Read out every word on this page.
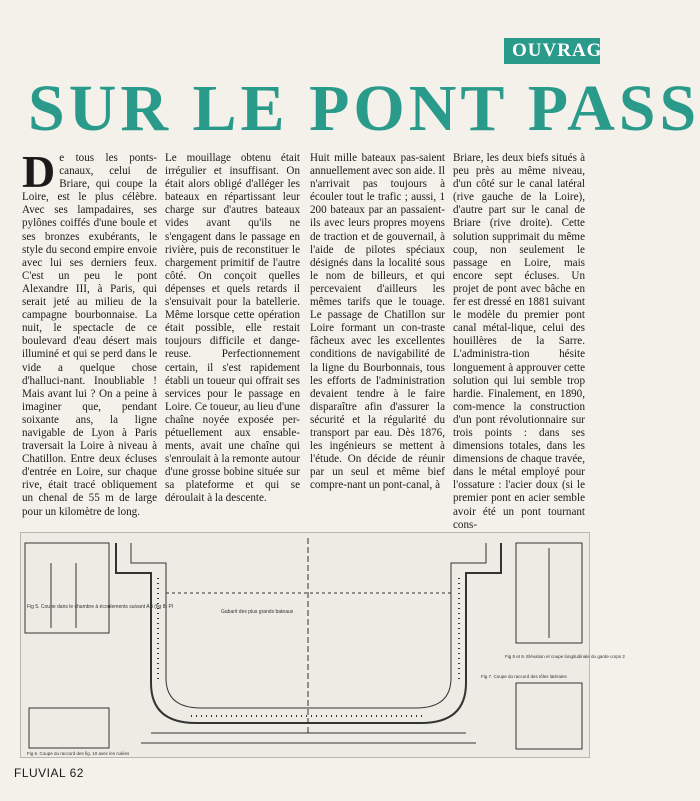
OUVRAG
SUR LE PONT PASS
D e tous les ponts-canaux, celui de Briare, qui coupe la Loire, est le plus célèbre. Avec ses lampadaires, ses pylônes coiffés d'une boule et ses bronzes exubérants, le style du second empire envoie avec lui ses derniers feux. C'est un peu le pont Alexandre III, à Paris, qui serait jeté au milieu de la campagne bourbonnaise. La nuit, le spectacle de ce boulevard d'eau désert mais illuminé et qui se perd dans le vide a quelque chose d'halluci-nant. Inoubliable ! Mais avant lui ? On a peine à imaginer que, pendant soixante ans, la ligne navigable de Lyon à Paris traversait la Loire à niveau à Chatillon. Entre deux écluses d'entrée en Loire, sur chaque rive, était tracé obliquement un chenal de 55 m de large pour un kilomètre de long.

Le mouillage obtenu était irrégulier et insuffisant. On était alors obligé d'alléger les bateaux en répartissant leur charge sur d'autres bateaux vides avant qu'ils ne s'engagent dans le passage en rivière, puis de reconstituer le chargement primitif de l'autre côté. On conçoit quelles dépenses et quels retards il s'ensuivait pour la batellerie. Même lorsque cette opération était possible, elle restait toujours difficile et dange-reuse. Perfectionnement certain, il s'est rapidement établi un toueur qui offrait ses services pour le passage en Loire. Ce toueur, au lieu d'une chaîne noyée exposée per-pétuellement aux ensable-ments, avait une chaîne qui s'enroulait à la remonte autour d'une grosse bobine située sur sa plateforme et qui se déroulait à la descente.

Huit mille bateaux pas-saient annuellement avec son aide. Il n'arrivait pas toujours à écouler tout le trafic ; aussi, 1 200 bateaux par an passaient-ils avec leurs propres moyens de traction et de gouvernail, à l'aide de pilotes spéciaux désignés dans la localité sous le nom de billeurs, et qui percevaient d'ailleurs les mêmes tarifs que le touage. Le passage de Chatillon sur Loire formant un con-traste fâcheux avec les excellentes conditions de navigabilité de la ligne du Bourbonnais, tous les efforts de l'administration devaient tendre à le faire disparaître afin d'assurer la sécurité et la régularité du transport par eau. Dès 1876, les ingénieurs se mettent à l'étude. On décide de réunir par un seul et même bief compre-nant un pont-canal, à

Briare, les deux biefs situés à peu près au même niveau, d'un côté sur le canal latéral (rive gauche de la Loire), d'autre part sur le canal de Briare (rive droite). Cette solution supprimait du même coup, non seulement le passage en Loire, mais encore sept écluses. Un projet de pont avec bâche en fer est dressé en 1881 suivant le modèle du premier pont canal métal-lique, celui des houillères de la Sarre. L'administra-tion hésite longuement à approuver cette solution qui lui semble trop hardie. Finalement, en 1890, com-mence la construction d'un pont révolutionnaire sur trois points : dans ses dimensions totales, dans les dimensions de chaque travée, dans le métal employé pour l'ossature : l'acier doux (si le premier pont en acier semble avoir été un pont tournant cons-

Fig 5. Coupe dans le chambre à écoulements suivant AB (fig 8) Pl
Gabarit des plus grands bateaux
Fig 8 et 9. Elévation et coupe longitudinale du garde corps 2
Fig 6. Coupe du raccord des fig. 10 avec les culées
Fig 7. Coupe du raccord des tôles latérales
FLUVIAL 62
